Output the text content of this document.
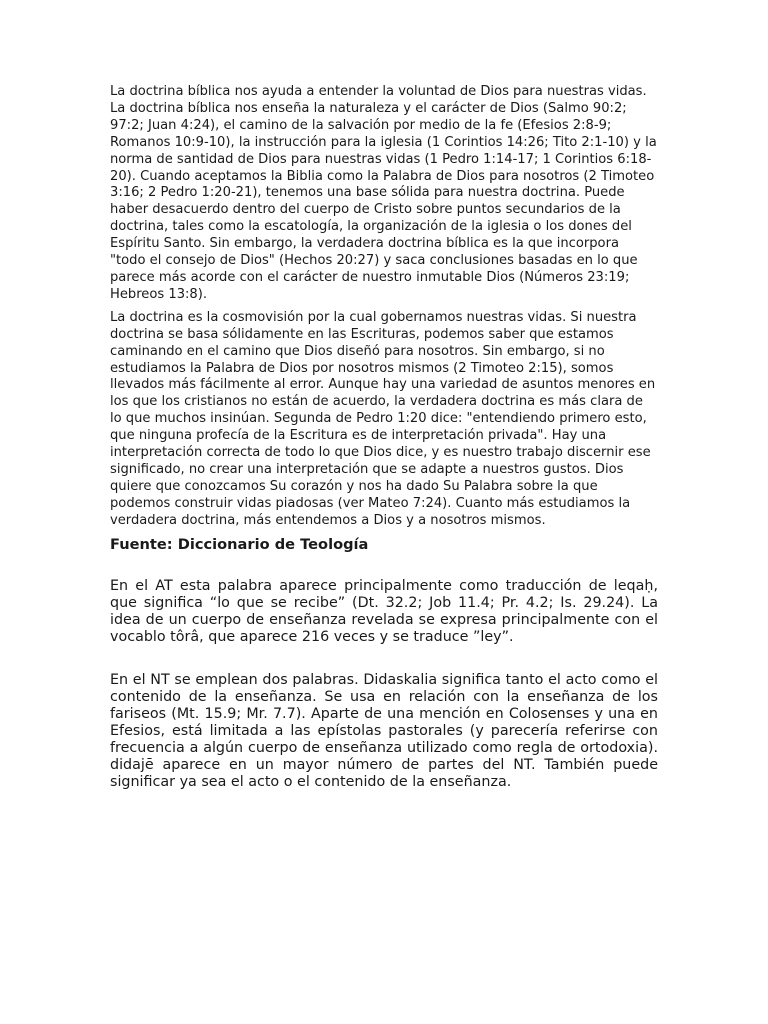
La doctrina bíblica nos ayuda a entender la voluntad de Dios para nuestras vidas. La doctrina bíblica nos enseña la naturaleza y el carácter de Dios (Salmo 90:2; 97:2; Juan 4:24), el camino de la salvación por medio de la fe (Efesios 2:8-9; Romanos 10:9-10), la instrucción para la iglesia (1 Corintios 14:26; Tito 2:1-10) y la norma de santidad de Dios para nuestras vidas (1 Pedro 1:14-17; 1 Corintios 6:18-20). Cuando aceptamos la Biblia como la Palabra de Dios para nosotros (2 Timoteo 3:16; 2 Pedro 1:20-21), tenemos una base sólida para nuestra doctrina. Puede haber desacuerdo dentro del cuerpo de Cristo sobre puntos secundarios de la doctrina, tales como la escatología, la organización de la iglesia o los dones del Espíritu Santo. Sin embargo, la verdadera doctrina bíblica es la que incorpora "todo el consejo de Dios" (Hechos 20:27) y saca conclusiones basadas en lo que parece más acorde con el carácter de nuestro inmutable Dios (Números 23:19; Hebreos 13:8).

La doctrina es la cosmovisión por la cual gobernamos nuestras vidas. Si nuestra doctrina se basa sólidamente en las Escrituras, podemos saber que estamos caminando en el camino que Dios diseñó para nosotros. Sin embargo, si no estudiamos la Palabra de Dios por nosotros mismos (2 Timoteo 2:15), somos llevados más fácilmente al error. Aunque hay una variedad de asuntos menores en los que los cristianos no están de acuerdo, la verdadera doctrina es más clara de lo que muchos insinúan. Segunda de Pedro 1:20 dice: "entendiendo primero esto, que ninguna profecía de la Escritura es de interpretación privada". Hay una interpretación correcta de todo lo que Dios dice, y es nuestro trabajo discernir ese significado, no crear una interpretación que se adapte a nuestros gustos. Dios quiere que conozcamos Su corazón y nos ha dado Su Palabra sobre la que podemos construir vidas piadosas (ver Mateo 7:24). Cuanto más estudiamos la verdadera doctrina, más entendemos a Dios y a nosotros mismos.

Fuente: Diccionario de Teología

En el AT esta palabra aparece principalmente como traducción de leqaḥ, que significa “lo que se recibe” (Dt. 32.2; Job 11.4; Pr. 4.2; Is. 29.24). La idea de un cuerpo de enseñanza revelada se expresa principalmente con el vocablo tôrâ, que aparece 216 veces y se traduce ”ley”.

En el NT se emplean dos palabras. Didaskalia significa tanto el acto como el contenido de la enseñanza. Se usa en relación con la enseñanza de los fariseos (Mt. 15.9; Mr. 7.7). Aparte de una mención en Colosenses y una en Efesios, está limitada a las epístolas pastorales (y parecería referirse con frecuencia a algún cuerpo de enseñanza utilizado como regla de ortodoxia). didajē aparece en un mayor número de partes del NT. También puede significar ya sea el acto o el contenido de la enseñanza.
